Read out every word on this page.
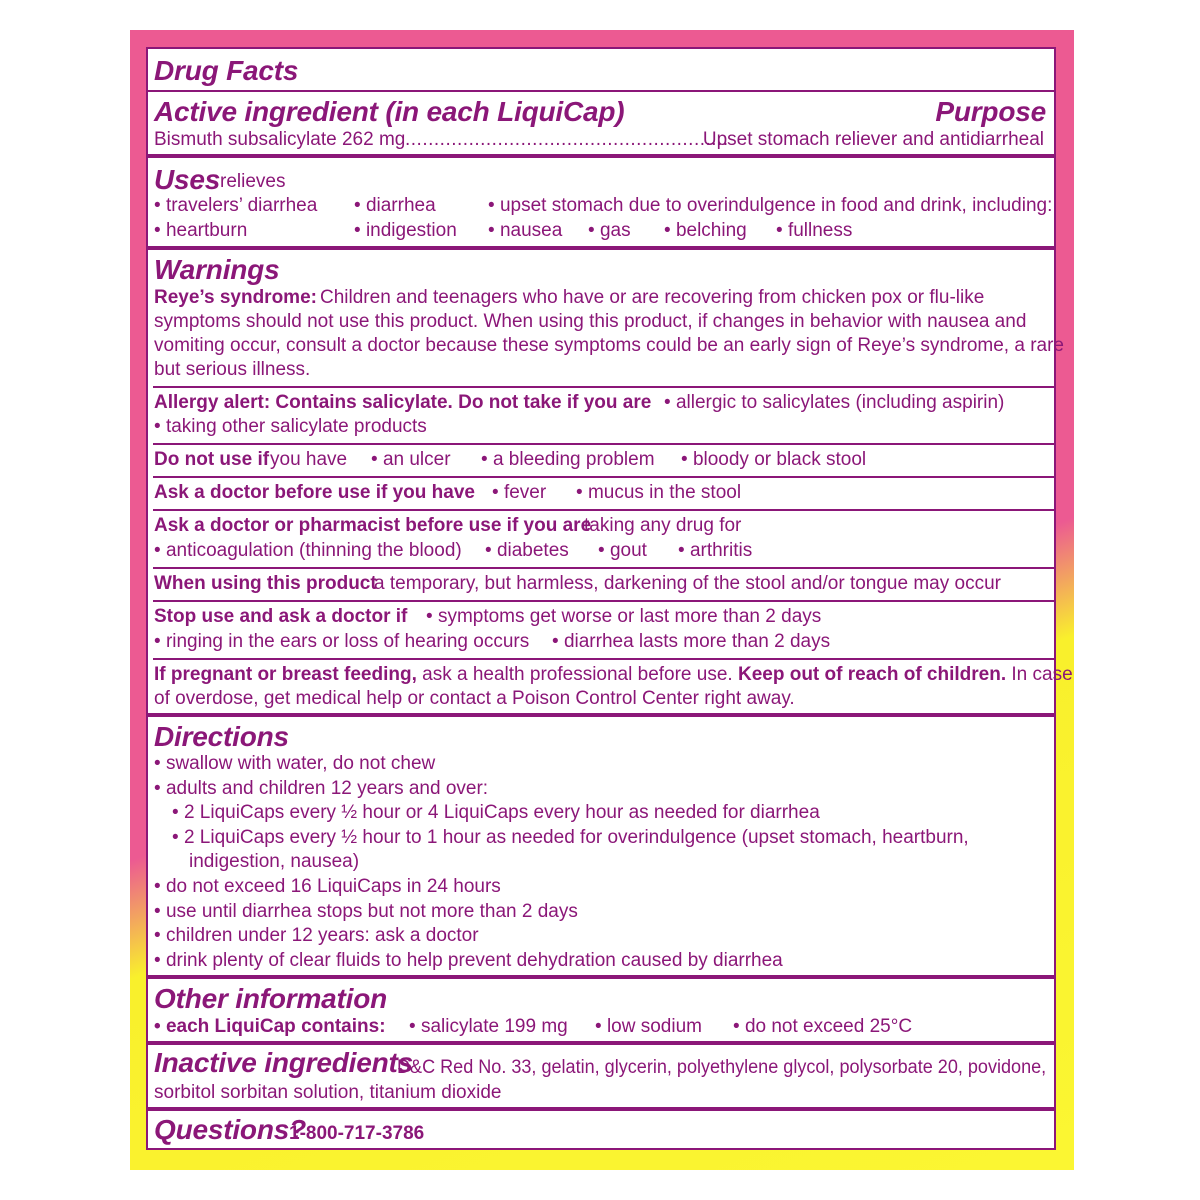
Drug Facts
Active ingredient (in each LiquiCap)	Purpose
Bismuth subsalicylate 262 mg ........................................................
Upset stomach reliever and antidiarrheal
Uses relieves
• travelers’ diarrhea	• diarrhea	• upset stomach due to overindulgence in food and drink, including:
• heartburn	• indigestion	• nausea	• gas	• belching	• fullness
Warnings
Reye’s syndrome: Children and teenagers who have or are recovering from chicken pox or flu-like
symptoms should not use this product. When using this product, if changes in behavior with nausea and
vomiting occur, consult a doctor because these symptoms could be an early sign of Reye’s syndrome, a rare
but serious illness.
Allergy alert: Contains salicylate. Do not take if you are	• allergic to salicylates (including aspirin)
• taking other salicylate products
Do not use if you have	• an ulcer	• a bleeding problem	• bloody or black stool
Ask a doctor before use if you have	• fever	• mucus in the stool
Ask a doctor or pharmacist before use if you are
taking any drug for
• anticoagulation (thinning the blood)	• diabetes	• gout	• arthritis
When using this product
a temporary, but harmless, darkening of the stool and/or tongue may occur
Stop use and ask a doctor if	• symptoms get worse or last more than 2 days
• ringing in the ears or loss of hearing occurs	• diarrhea lasts more than 2 days
If pregnant or breast feeding, ask a health professional before use. Keep out of reach of children. In case
of overdose, get medical help or contact a Poison Control Center right away.
Directions
• swallow with water, do not chew
• adults and children 12 years and over:
• 2 LiquiCaps every ½ hour or 4 LiquiCaps every hour as needed for diarrhea
• 2 LiquiCaps every ½ hour to 1 hour as needed for overindulgence (upset stomach, heartburn,
indigestion, nausea)
• do not exceed 16 LiquiCaps in 24 hours
• use until diarrhea stops but not more than 2 days
• children under 12 years: ask a doctor
• drink plenty of clear fluids to help prevent dehydration caused by diarrhea
Other information
• each LiquiCap contains:	• salicylate 199 mg	• low sodium	• do not exceed 25°C
Inactive ingredients
D&C Red No. 33, gelatin, glycerin, polyethylene glycol, polysorbate 20, povidone,
sorbitol sorbitan solution, titanium dioxide
Questions?
1-800-717-3786
